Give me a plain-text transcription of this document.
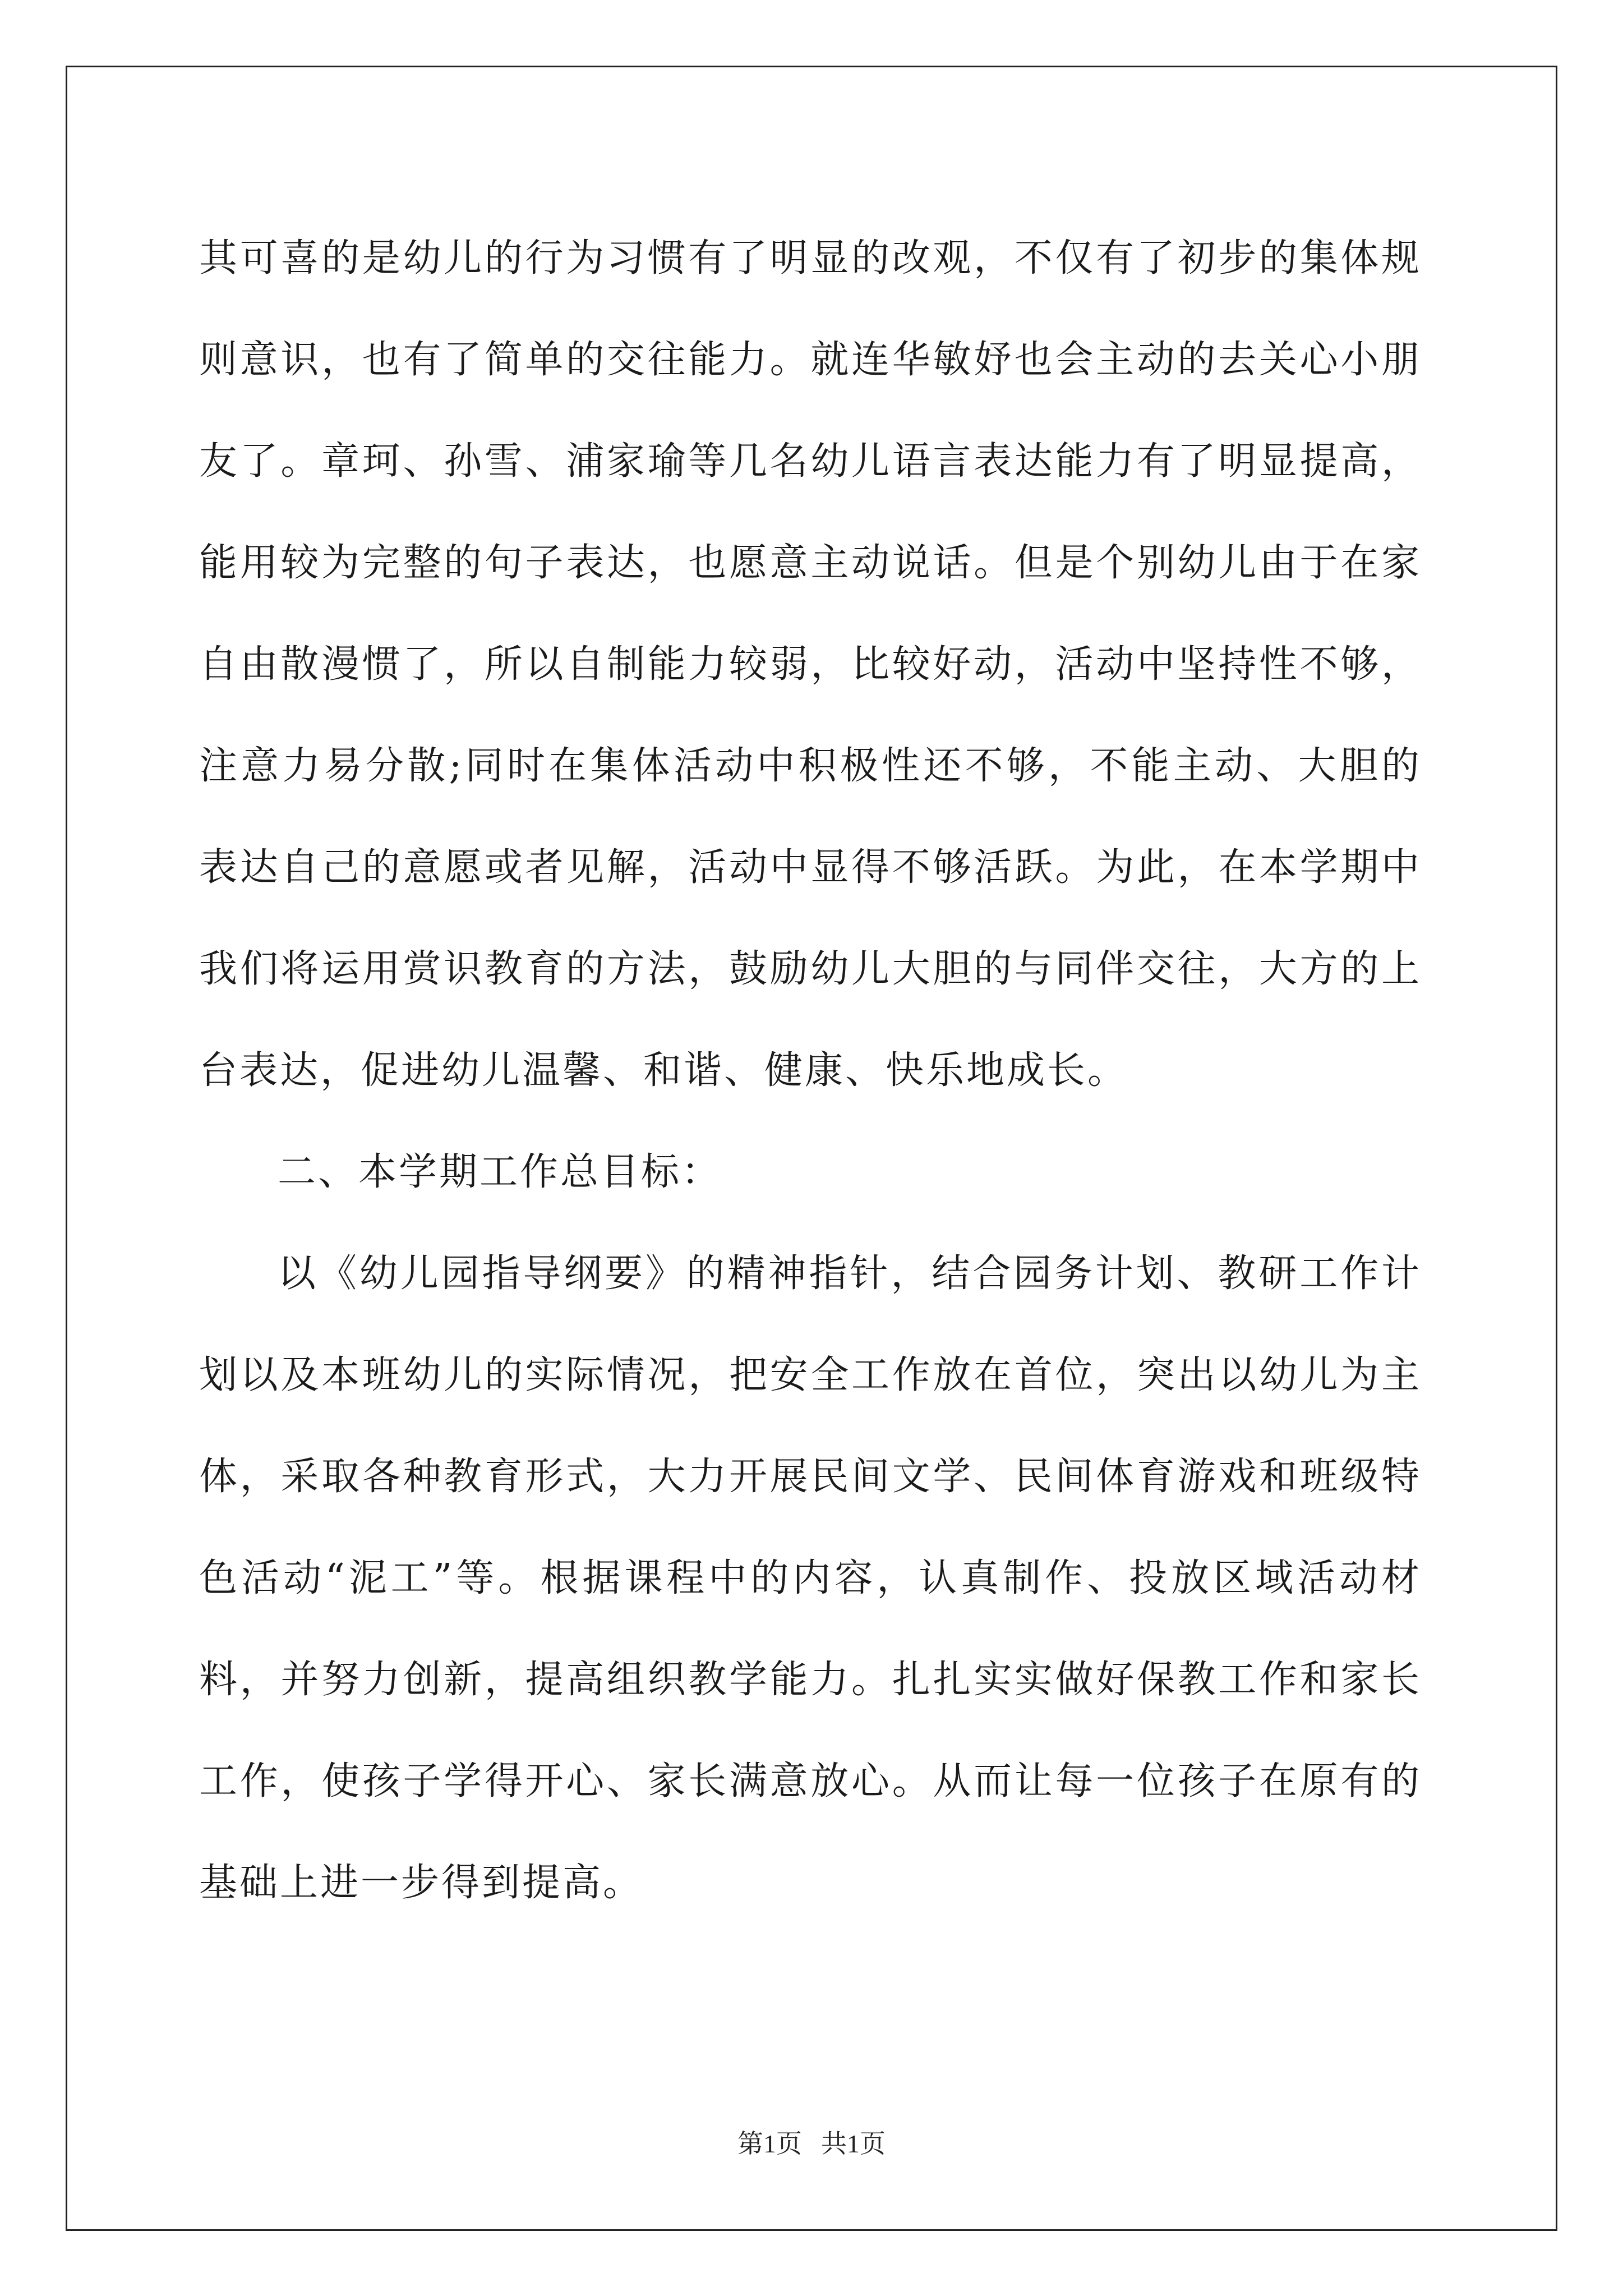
其可喜的是幼儿的行为习惯有了明显的改观，不仅有了初步的集体规则意识，也有了简单的交往能力。就连华敏妤也会主动的去关心小朋友了。章珂、孙雪、浦家瑜等几名幼儿语言表达能力有了明显提高，能用较为完整的句子表达，也愿意主动说话。但是个别幼儿由于在家自由散漫惯了，所以自制能力较弱，比较好动，活动中坚持性不够，注意力易分散;同时在集体活动中积极性还不够，不能主动、大胆的表达自己的意愿或者见解，活动中显得不够活跃。为此，在本学期中我们将运用赏识教育的方法，鼓励幼儿大胆的与同伴交往，大方的上台表达，促进幼儿温馨、和谐、健康、快乐地成长。

二、本学期工作总目标：

以《幼儿园指导纲要》的精神指针，结合园务计划、教研工作计划以及本班幼儿的实际情况，把安全工作放在首位，突出以幼儿为主体，采取各种教育形式，大力开展民间文学、民间体育游戏和班级特色活动“泥工”等。根据课程中的内容，认真制作、投放区域活动材料，并努力创新，提高组织教学能力。扎扎实实做好保教工作和家长工作，使孩子学得开心、家长满意放心。从而让每一位孩子在原有的基础上进一步得到提高。

第1页 共1页
